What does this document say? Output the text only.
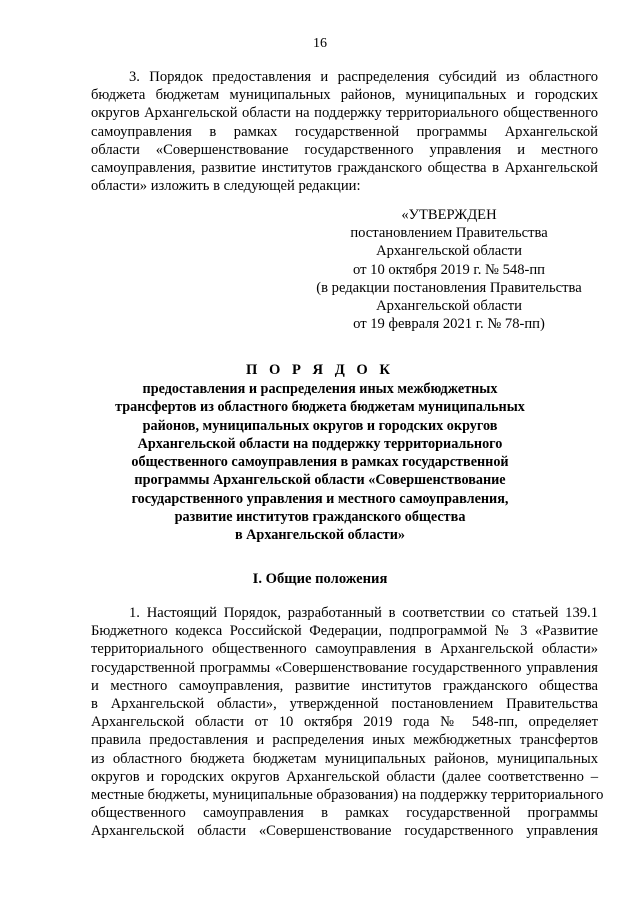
16
3. Порядок предоставления и распределения субсидий из областного
бюджета бюджетам муниципальных районов, муниципальных и городских
округов Архангельской области на поддержку территориального общественного
самоуправления в рамках государственной программы Архангельской
области «Совершенствование государственного управления и местного
самоуправления, развитие институтов гражданского общества в Архангельской
области» изложить в следующей редакции:
«УТВЕРЖДЕН
постановлением Правительства
Архангельской области
от 10 октября 2019 г. № 548-пп
(в редакции постановления Правительства
Архангельской области
от 19 февраля 2021 г. № 78-пп)
П О Р Я Д О К
предоставления и распределения иных межбюджетных
трансфертов из областного бюджета бюджетам муниципальных
районов, муниципальных округов и городских округов
Архангельской области на поддержку территориального
общественного самоуправления в рамках государственной
программы Архангельской области «Совершенствование
государственного управления и местного самоуправления,
развитие институтов гражданского общества
в Архангельской области»
I. Общие положения
1. Настоящий Порядок, разработанный в соответствии со статьей 139.1
Бюджетного кодекса Российской Федерации, подпрограммой № 3 «Развитие
территориального общественного самоуправления в Архангельской области»
государственной программы «Совершенствование государственного управления
и местного самоуправления, развитие институтов гражданского общества
в Архангельской области», утвержденной постановлением Правительства
Архангельской области от 10 октября 2019 года № 548-пп, определяет
правила предоставления и распределения иных межбюджетных трансфертов
из областного бюджета бюджетам муниципальных районов, муниципальных
округов и городских округов Архангельской области (далее соответственно –
местные бюджеты, муниципальные образования) на поддержку территориального
общественного самоуправления в рамках государственной программы
Архангельской области «Совершенствование государственного управления
